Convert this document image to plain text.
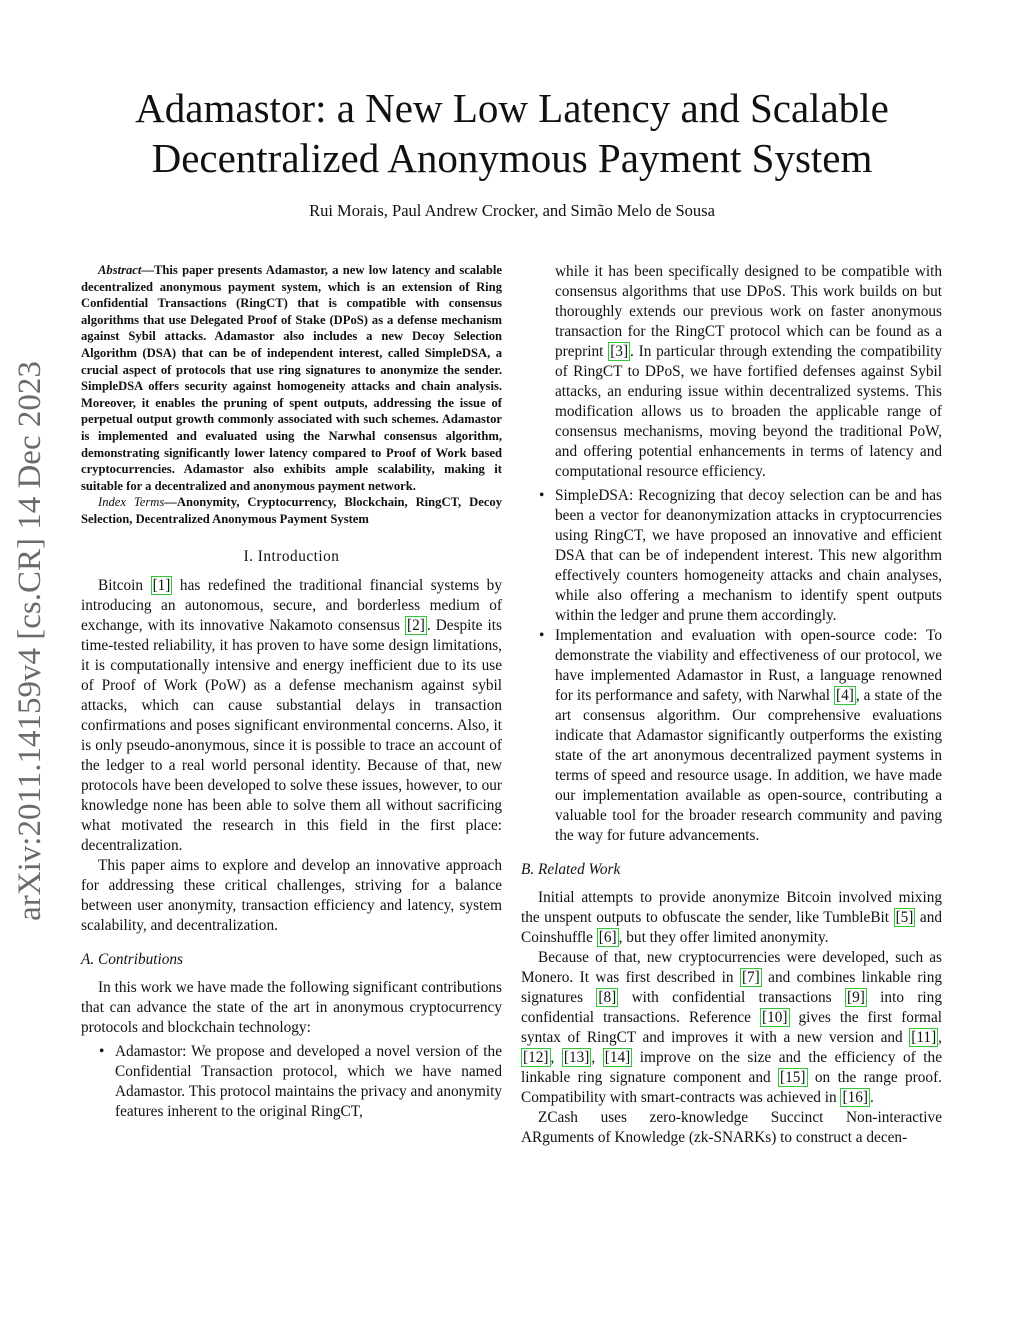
Adamastor: a New Low Latency and Scalable
Decentralized Anonymous Payment System
Rui Morais, Paul Andrew Crocker, and Simão Melo de Sousa
arXiv:2011.14159v4 [cs.CR] 14 Dec 2023

Abstract—This paper presents Adamastor, a new low latency and scalable decentralized anonymous payment system, which is an extension of Ring Confidential Transactions (RingCT) that is compatible with consensus algorithms that use Delegated Proof of Stake (DPoS) as a defense mechanism against Sybil attacks. Adamastor also includes a new Decoy Selection Algorithm (DSA) that can be of independent interest, called SimpleDSA, a crucial aspect of protocols that use ring signatures to anonymize the sender. SimpleDSA offers security against homogeneity attacks and chain analysis. Moreover, it enables the pruning of spent outputs, addressing the issue of perpetual output growth commonly associated with such schemes. Adamastor is implemented and evaluated using the Narwhal consensus algorithm, demonstrating significantly lower latency compared to Proof of Work based cryptocurrencies. Adamastor also exhibits ample scalability, making it suitable for a decentralized and anonymous payment network.

Index Terms—Anonymity, Cryptocurrency, Blockchain, RingCT, Decoy Selection, Decentralized Anonymous Payment System

I. Introduction

Bitcoin [1] has redefined the traditional financial systems by introducing an autonomous, secure, and borderless medium of exchange, with its innovative Nakamoto consensus [2] . Despite its time-tested reliability, it has proven to have some design limitations, it is computationally intensive and energy inefficient due to its use of Proof of Work (PoW) as a defense mechanism against sybil attacks, which can cause substantial delays in transaction confirmations and poses significant environmental concerns. Also, it is only pseudo-anonymous, since it is possible to trace an account of the ledger to a real world personal identity. Because of that, new protocols have been developed to solve these issues, however, to our knowledge none has been able to solve them all without sacrificing what motivated the research in this field in the first place: decentralization.

This paper aims to explore and develop an innovative approach for addressing these critical challenges, striving for a balance between user anonymity, transaction efficiency and latency, system scalability, and decentralization.

A. Contributions

In this work we have made the following significant contributions that can advance the state of the art in anonymous cryptocurrency protocols and blockchain technology:

• Adamastor: We propose and developed a novel version of the Confidential Transaction protocol, which we have named Adamastor. This protocol maintains the privacy and anonymity features inherent to the original RingCT,

while it has been specifically designed to be compatible with consensus algorithms that use DPoS. This work builds on but thoroughly extends our previous work on faster anonymous transaction for the RingCT protocol which can be found as a preprint [3] . In particular through extending the compatibility of RingCT to DPoS, we have fortified defenses against Sybil attacks, an enduring issue within decentralized systems. This modification allows us to broaden the applicable range of consensus mechanisms, moving beyond the traditional PoW, and offering potential enhancements in terms of latency and computational resource efficiency.

• SimpleDSA: Recognizing that decoy selection can be and has been a vector for deanonymization attacks in cryptocurrencies using RingCT, we have proposed an innovative and efficient DSA that can be of independent interest. This new algorithm effectively counters homogeneity attacks and chain analyses, while also offering a mechanism to identify spent outputs within the ledger and prune them accordingly.
• Implementation and evaluation with open-source code: To demonstrate the viability and effectiveness of our protocol, we have implemented Adamastor in Rust, a language renowned for its performance and safety, with Narwhal [4] , a state of the art consensus algorithm. Our comprehensive evaluations indicate that Adamastor significantly outperforms the existing state of the art anonymous decentralized payment systems in terms of speed and resource usage. In addition, we have made our implementation available as open-source, contributing a valuable tool for the broader research community and paving the way for future advancements.
B. Related Work

Initial attempts to provide anonymize Bitcoin involved mixing the unspent outputs to obfuscate the sender, like TumbleBit [5] and Coinshuffle [6] , but they offer limited anonymity.

Because of that, new cryptocurrencies were developed, such as Monero. It was first described in [7] and combines linkable ring signatures [8] with confidential transactions [9] into ring confidential transactions. Reference [10] gives the first formal syntax of RingCT and improves it with a new version and [11] , [12] , [13] , [14] improve on the size and the efficiency of the linkable ring signature component and [15] on the range proof. Compatibility with smart-contracts was achieved in [16] .

ZCash uses zero-knowledge Succinct Non-interactive ARguments of Knowledge (zk-SNARKs) to construct a decen-
